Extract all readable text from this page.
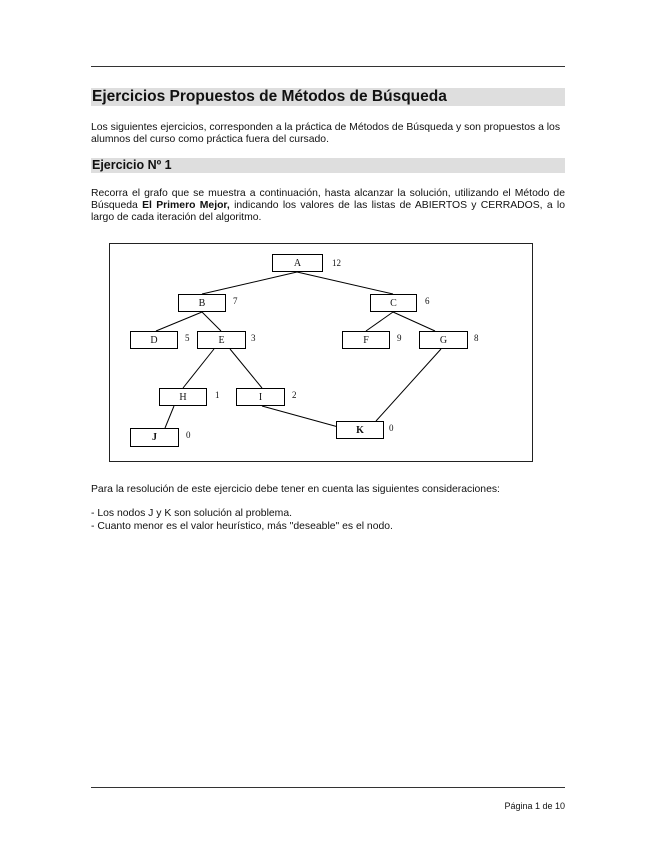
Ejercicios Propuestos de Métodos de Búsqueda

Los siguientes ejercicios, corresponden a la práctica de Métodos de Búsqueda y son propuestos a los alumnos del curso como práctica fuera del cursado.

Ejercicio Nº 1

Recorra el grafo que se muestra a continuación, hasta alcanzar la solución, utilizando el Método de Búsqueda El Primero Mejor, indicando los valores de las listas de ABIERTOS y CERRADOS, a lo largo de cada iteración del algoritmo.

A	12
B	7	C	6
D	5	E	3	F	9	G	8
H	1	I	2
J	0	K	0

Para la resolución de este ejercicio debe tener en cuenta las siguientes consideraciones:

- Los nodos J y K son solución al problema.

- Cuanto menor es el valor heurístico, más "deseable" es el nodo.

Página 1 de 10
